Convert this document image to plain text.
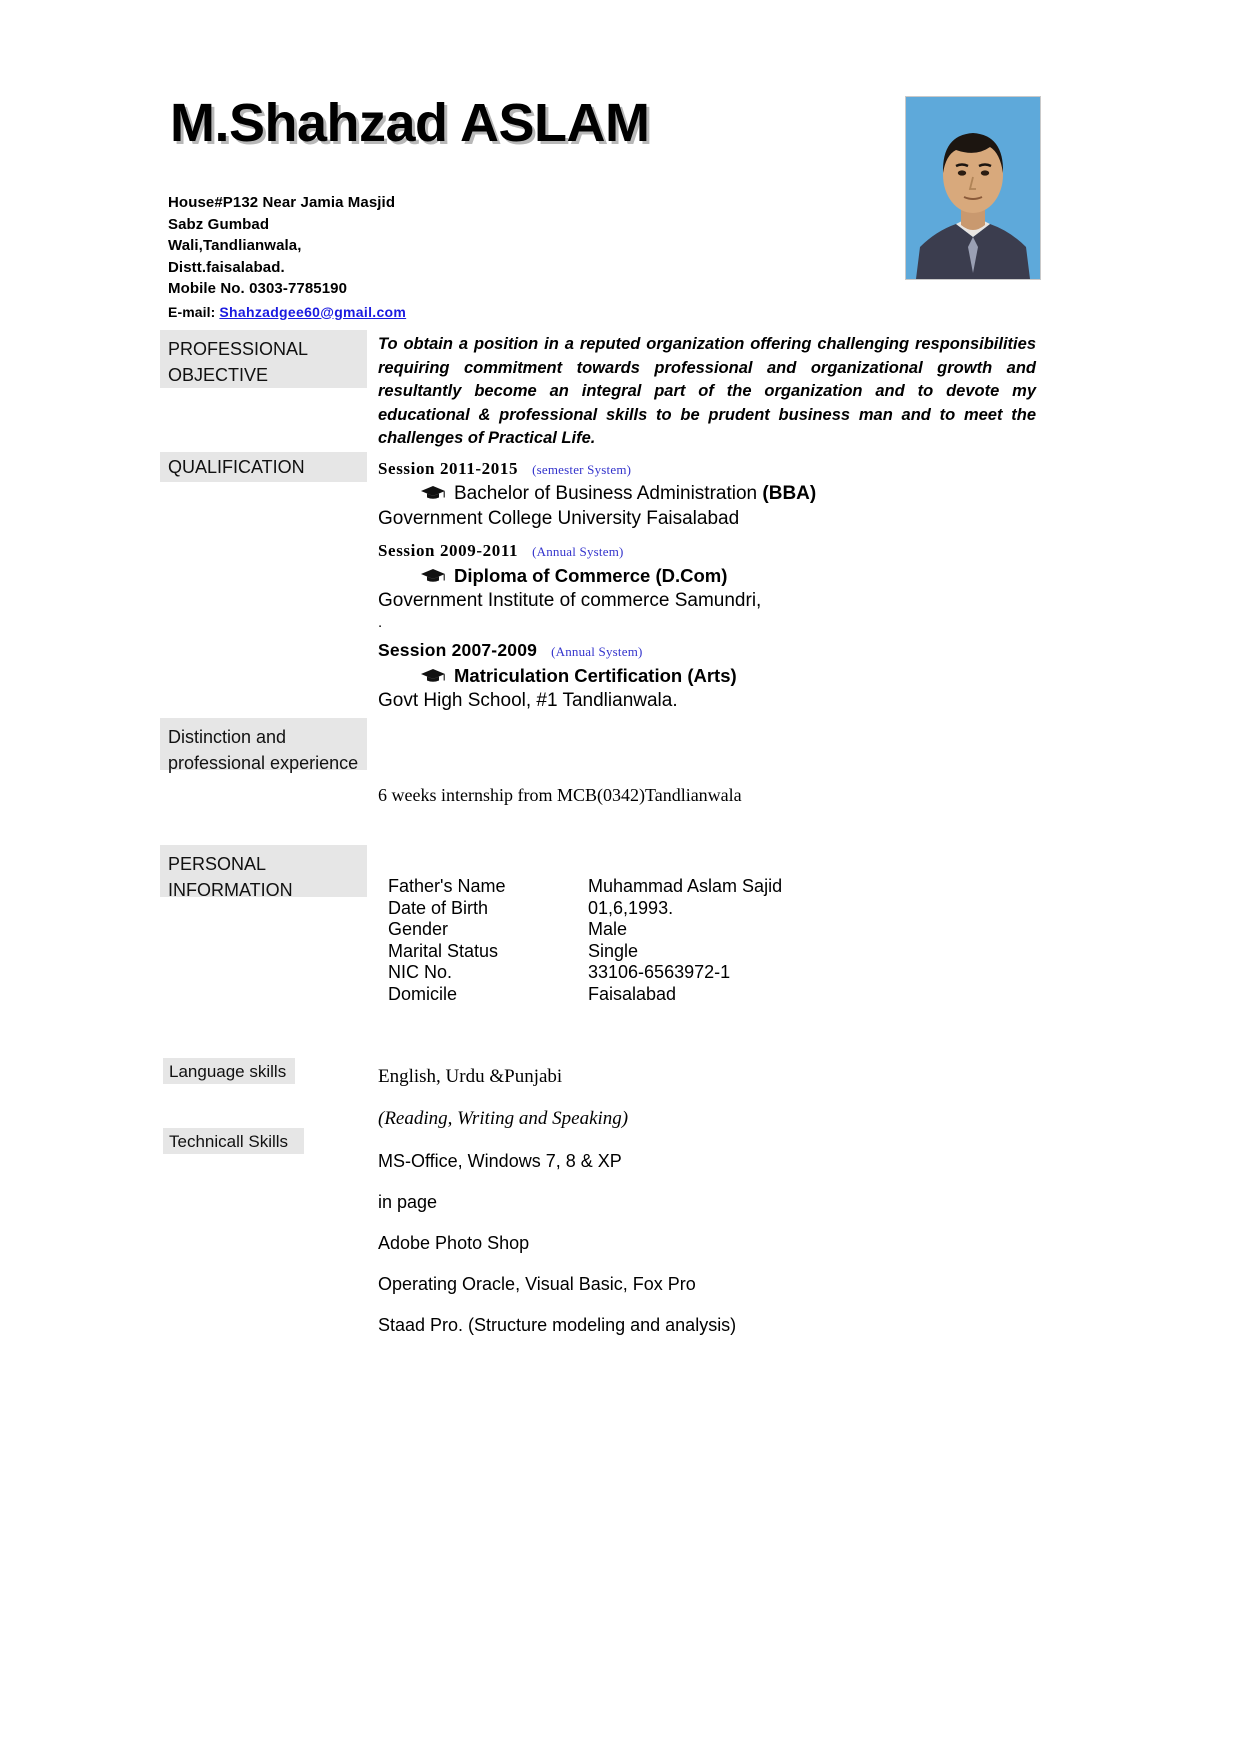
M.Shahzad ASLAM
House#P132 Near Jamia Masjid
Sabz Gumbad
Wali,Tandlianwala,
Distt.faisalabad.
Mobile No. 0303-7785190
E-mail: Shahzadgee60@gmail.com
PROFESSIONAL
OBJECTIVE
To obtain a position in a reputed organization offering challenging responsibilities requiring commitment towards professional and organizational growth and resultantly become an integral part of the organization and to devote my educational & professional skills to be prudent business man and to meet the challenges of Practical Life.
QUALIFICATION	Session 2011-2015 (semester System)
Bachelor of Business Administration (BBA)
Government College University Faisalabad
Session 2009-2011 (Annual System)
Diploma of Commerce (D.Com)
Government Institute of commerce Samundri,
.
Session 2007-2009 (Annual System)
Matriculation Certification (Arts)
Govt High School, #1 Tandlianwala.
Distinction and
professional experience
6 weeks internship from MCB(0342)Tandlianwala
PERSONAL
INFORMATION	Father's Name	Muhammad Aslam Sajid
Date of Birth	01,6,1993.
Gender	Male
Marital Status	Single
NIC No.	33106-6563972-1
Domicile	Faisalabad
Language skills	English, Urdu &Punjabi
(Reading, Writing and Speaking)
Technicall Skills
MS-Office, Windows 7, 8 & XP
in page
Adobe Photo Shop
Operating Oracle, Visual Basic, Fox Pro
Staad Pro. (Structure modeling and analysis)
